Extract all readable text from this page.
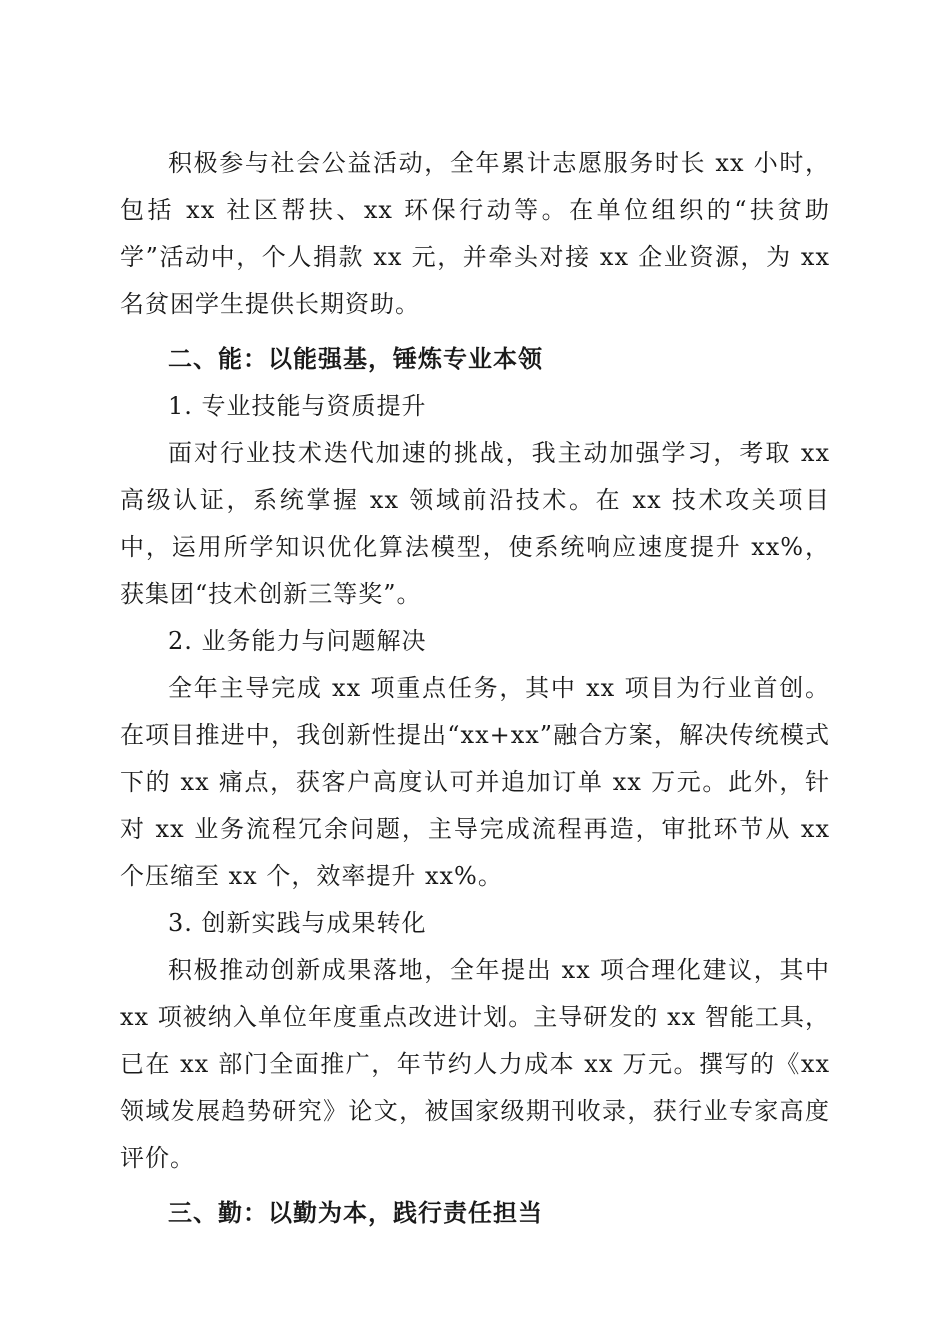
积极参与社会公益活动，全年累计志愿服务时长 xx 小时，包括 xx 社区帮扶、xx 环保行动等。在单位组织的“扶贫助学”活动中，个人捐款 xx 元，并牵头对接 xx 企业资源，为 xx 名贫困学生提供长期资助。

二、能：以能强基，锤炼专业本领

1. 专业技能与资质提升

面对行业技术迭代加速的挑战，我主动加强学习，考取 xx 高级认证，系统掌握 xx 领域前沿技术。在 xx 技术攻关项目中，运用所学知识优化算法模型，使系统响应速度提升 xx%，获集团“技术创新三等奖”。

2. 业务能力与问题解决

全年主导完成 xx 项重点任务，其中 xx 项目为行业首创。在项目推进中，我创新性提出“xx+xx”融合方案，解决传统模式下的 xx 痛点，获客户高度认可并追加订单 xx 万元。此外，针对 xx 业务流程冗余问题，主导完成流程再造，审批环节从 xx 个压缩至 xx 个，效率提升 xx%。

3. 创新实践与成果转化

积极推动创新成果落地，全年提出 xx 项合理化建议，其中 xx 项被纳入单位年度重点改进计划。主导研发的 xx 智能工具，已在 xx 部门全面推广，年节约人力成本 xx 万元。撰写的《xx 领域发展趋势研究》论文，被国家级期刊收录，获行业专家高度评价。

三、勤：以勤为本，践行责任担当
